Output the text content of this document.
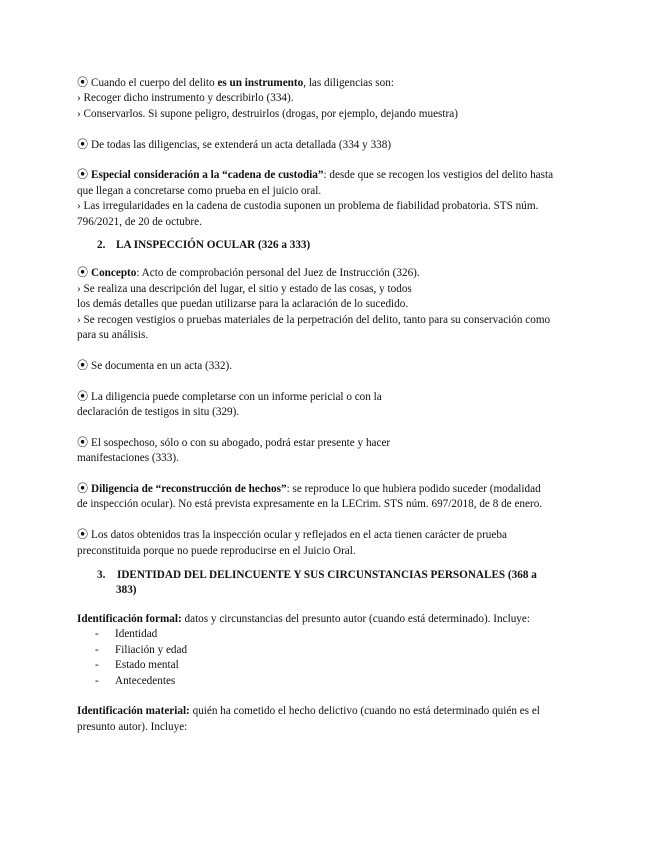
⦿ Cuando el cuerpo del delito es un instrumento, las diligencias son:
› Recoger dicho instrumento y describirlo (334).
› Conservarlos. Si supone peligro, destruirlos (drogas, por ejemplo, dejando muestra)
⦿ De todas las diligencias, se extenderá un acta detallada (334 y 338)
⦿ Especial consideración a la “cadena de custodia”: desde que se recogen los vestigios del delito hasta
que llegan a concretarse como prueba en el juicio oral.
› Las irregularidades en la cadena de custodia suponen un problema de fiabilidad probatoria. STS núm.
796/2021, de 20 de octubre.
2. LA INSPECCIÓN OCULAR (326 a 333)
⦿ Concepto: Acto de comprobación personal del Juez de Instrucción (326).
› Se realiza una descripción del lugar, el sitio y estado de las cosas, y todos
los demás detalles que puedan utilizarse para la aclaración de lo sucedido.
› Se recogen vestigios o pruebas materiales de la perpetración del delito, tanto para su conservación como
para su análisis.
⦿ Se documenta en un acta (332).
⦿ La diligencia puede completarse con un informe pericial o con la
declaración de testigos in situ (329).
⦿ El sospechoso, sólo o con su abogado, podrá estar presente y hacer
manifestaciones (333).
⦿ Diligencia de “reconstrucción de hechos”: se reproduce lo que hubiera podido suceder (modalidad
de inspección ocular). No está prevista expresamente en la LECrim. STS núm. 697/2018, de 8 de enero.
⦿ Los datos obtenidos tras la inspección ocular y reflejados en el acta tienen carácter de prueba
preconstituida porque no puede reproducirse en el Juicio Oral.
3. IDENTIDAD DEL DELINCUENTE Y SUS CIRCUNSTANCIAS PERSONALES (368 a
383)
Identificación formal: datos y circunstancias del presunto autor (cuando está determinado). Incluye:
-	Identidad
-	Filiación y edad
-	Estado mental
-	Antecedentes
Identificación material: quién ha cometido el hecho delictivo (cuando no está determinado quién es el
presunto autor). Incluye:
